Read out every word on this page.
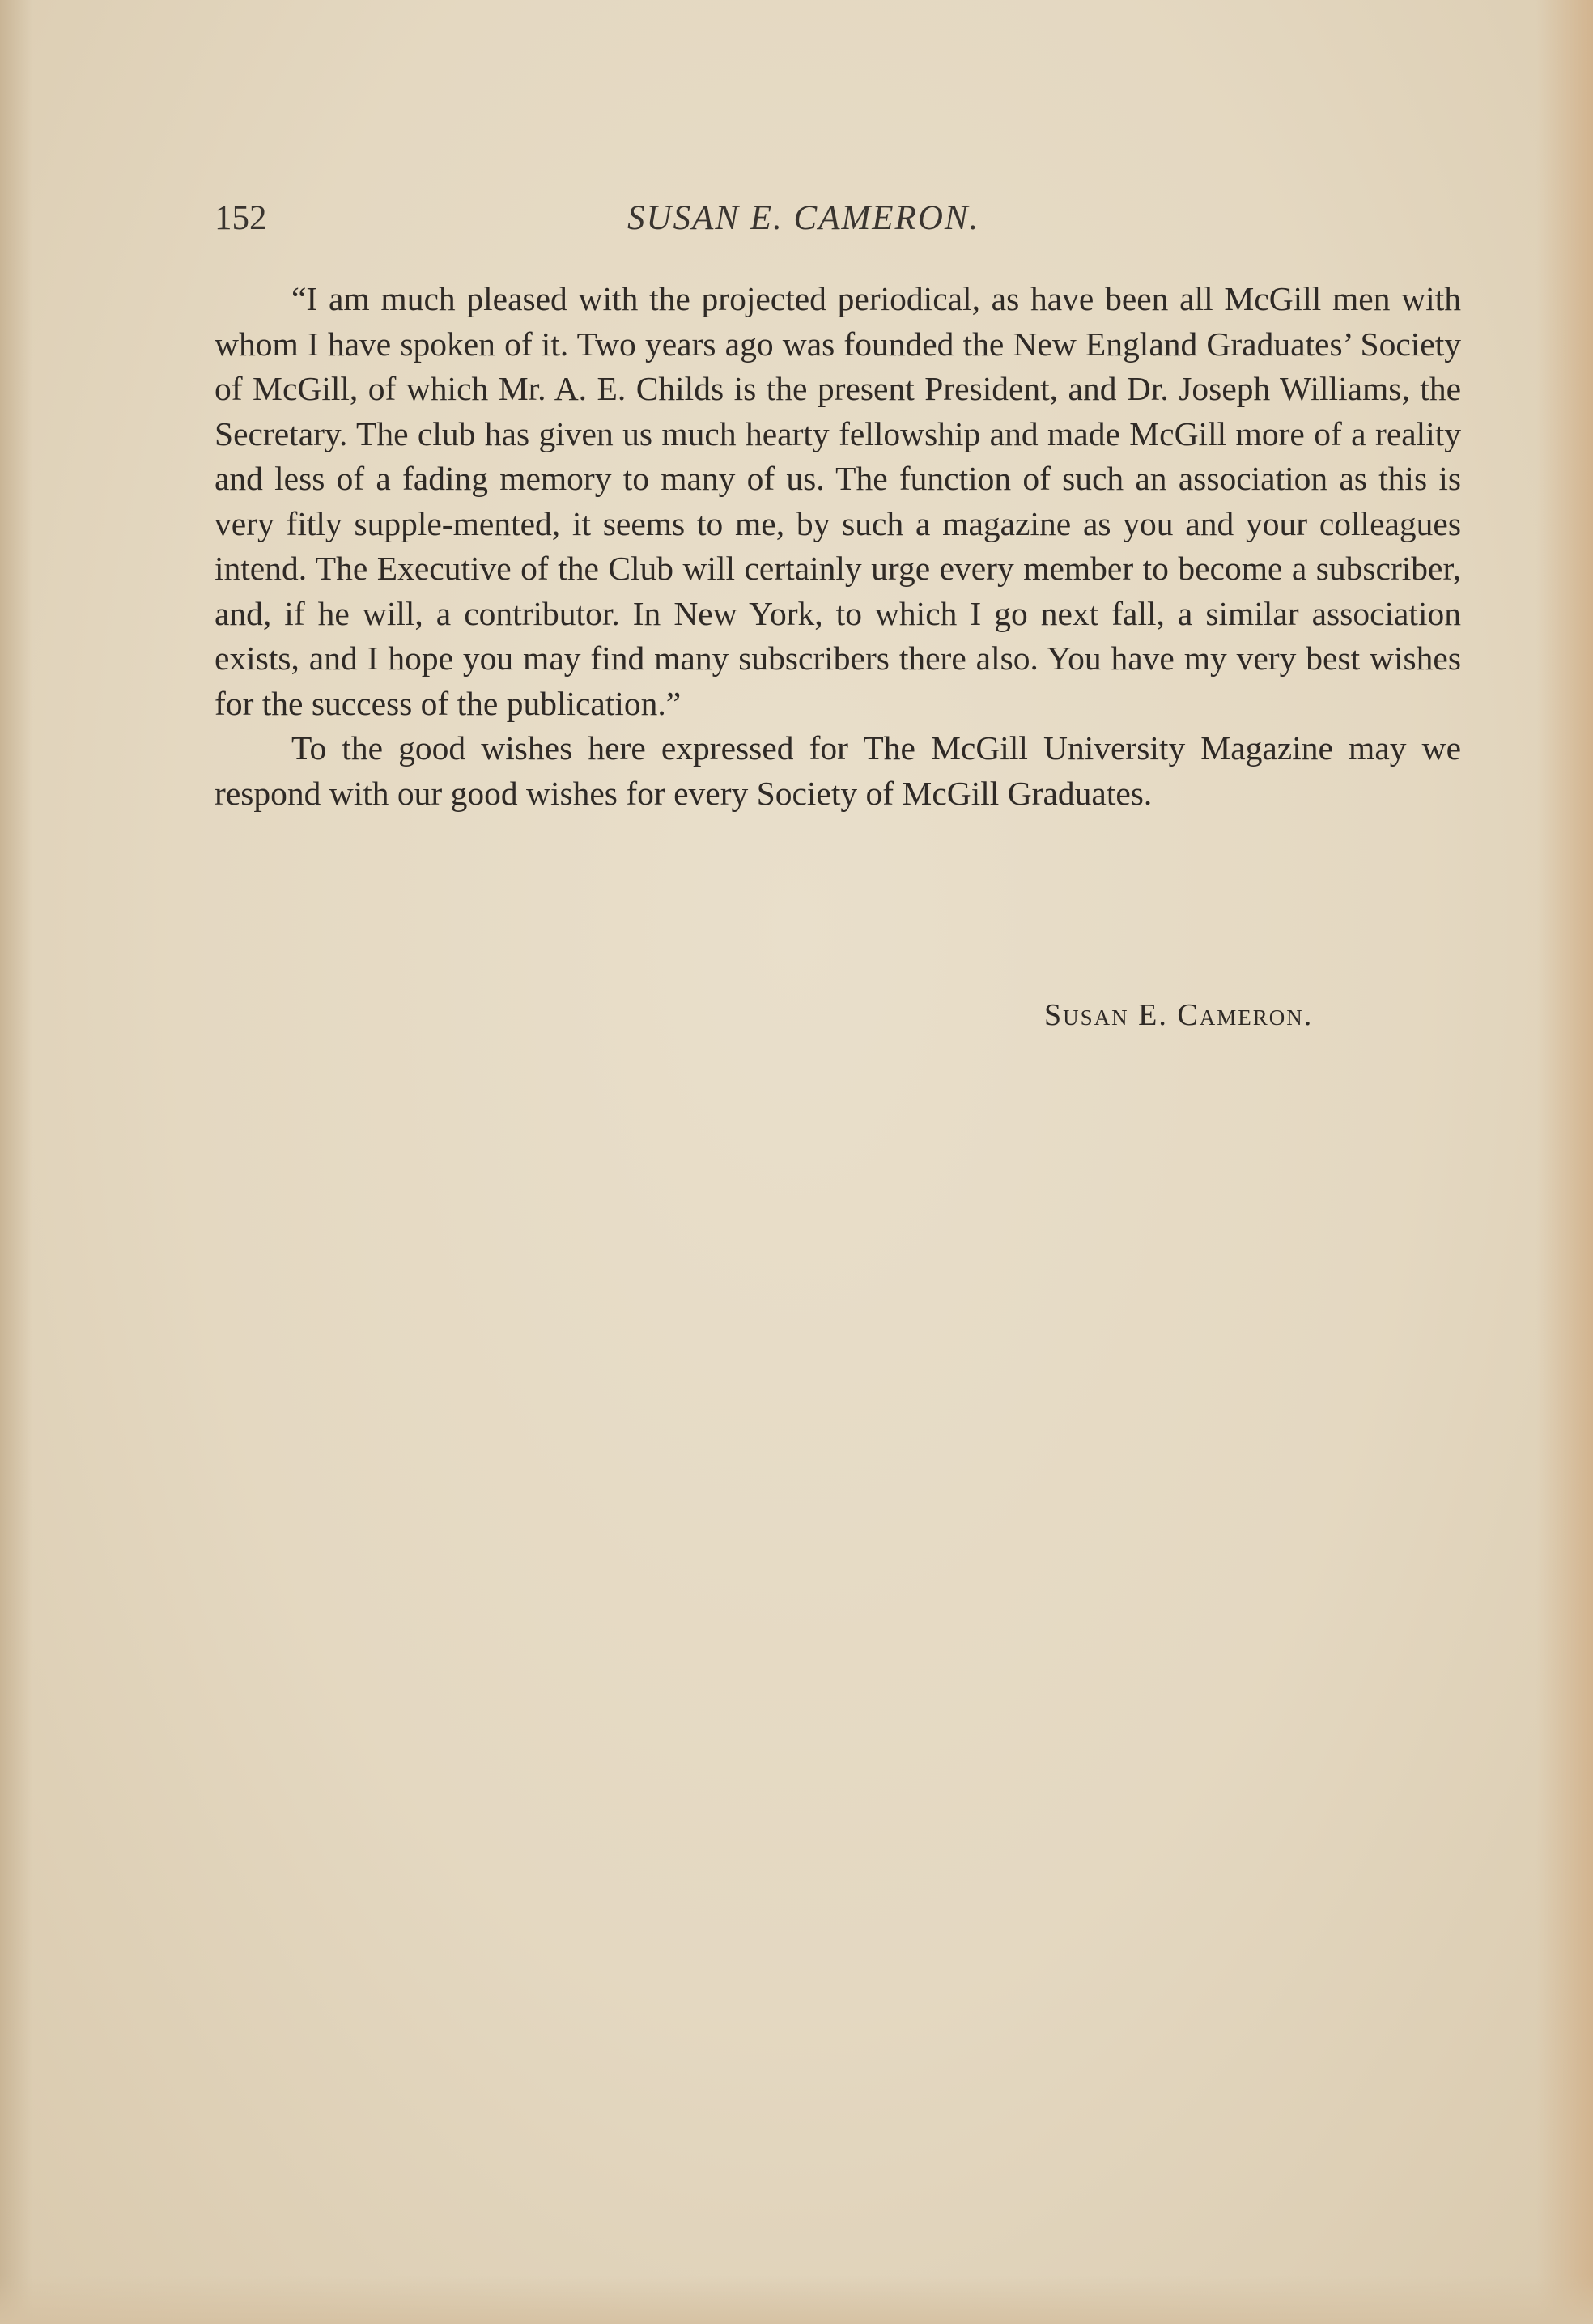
152	SUSAN E. CAMERON.

“I am much pleased with the projected periodical, as have been all McGill men with whom I have spoken of it. Two years ago was founded the New England Graduates’ Society of McGill, of which Mr. A. E. Childs is the present President, and Dr. Joseph Williams, the Secretary. The club has given us much hearty fellowship and made McGill more of a reality and less of a fading memory to many of us. The function of such an association as this is very fitly supple-mented, it seems to me, by such a magazine as you and your colleagues intend. The Executive of the Club will certainly urge every member to become a subscriber, and, if he will, a contributor. In New York, to which I go next fall, a similar association exists, and I hope you may find many subscribers there also. You have my very best wishes for the success of the publication.”

To the good wishes here expressed for The McGill University Magazine may we respond with our good wishes for every Society of McGill Graduates.

Susan E. Cameron.
